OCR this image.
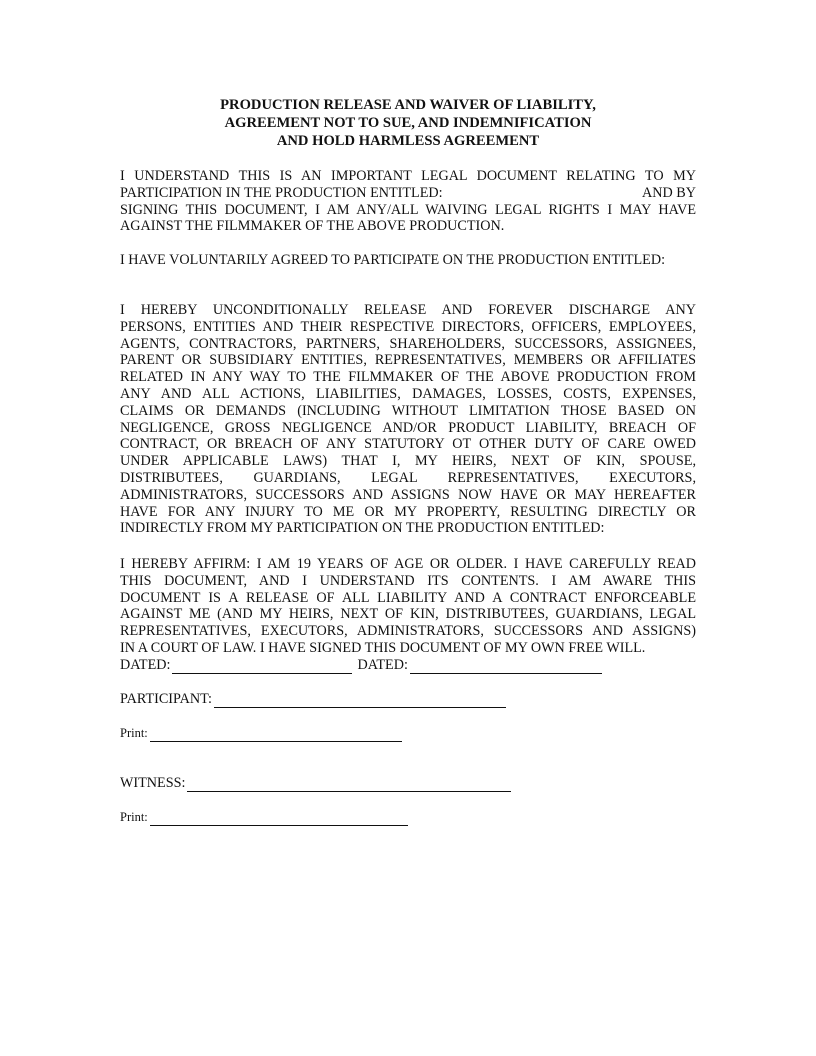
PRODUCTION RELEASE AND WAIVER OF LIABILITY,
AGREEMENT NOT TO SUE, AND INDEMNIFICATION
AND HOLD HARMLESS AGREEMENT
I UNDERSTAND THIS IS AN IMPORTANT LEGAL DOCUMENT RELATING TO MY
PARTICIPATION IN THE PRODUCTION ENTITLED:	AND BY
SIGNING THIS DOCUMENT, I AM ANY/ALL WAIVING LEGAL RIGHTS I MAY HAVE
AGAINST THE FILMMAKER OF THE ABOVE PRODUCTION.
I HAVE VOLUNTARILY AGREED TO PARTICIPATE ON THE PRODUCTION ENTITLED:
I HEREBY UNCONDITIONALLY RELEASE AND FOREVER DISCHARGE ANY
PERSONS, ENTITIES AND THEIR RESPECTIVE DIRECTORS, OFFICERS, EMPLOYEES,
AGENTS, CONTRACTORS, PARTNERS, SHAREHOLDERS, SUCCESSORS, ASSIGNEES,
PARENT OR SUBSIDIARY ENTITIES, REPRESENTATIVES, MEMBERS OR AFFILIATES
RELATED IN ANY WAY TO THE FILMMAKER OF THE ABOVE PRODUCTION FROM
ANY AND ALL ACTIONS, LIABILITIES, DAMAGES, LOSSES, COSTS, EXPENSES,
CLAIMS OR DEMANDS (INCLUDING WITHOUT LIMITATION THOSE BASED ON
NEGLIGENCE, GROSS NEGLIGENCE AND/OR PRODUCT LIABILITY, BREACH OF
CONTRACT, OR BREACH OF ANY STATUTORY OT OTHER DUTY OF CARE OWED
UNDER APPLICABLE LAWS) THAT I, MY HEIRS, NEXT OF KIN, SPOUSE,
DISTRIBUTEES, GUARDIANS, LEGAL REPRESENTATIVES, EXECUTORS,
ADMINISTRATORS, SUCCESSORS AND ASSIGNS NOW HAVE OR MAY HEREAFTER
HAVE FOR ANY INJURY TO ME OR MY PROPERTY, RESULTING DIRECTLY OR
INDIRECTLY FROM MY PARTICIPATION ON THE PRODUCTION ENTITLED:
I HEREBY AFFIRM: I AM 19 YEARS OF AGE OR OLDER. I HAVE CAREFULLY READ
THIS DOCUMENT, AND I UNDERSTAND ITS CONTENTS. I AM AWARE THIS
DOCUMENT IS A RELEASE OF ALL LIABILITY AND A CONTRACT ENFORCEABLE
AGAINST ME (AND MY HEIRS, NEXT OF KIN, DISTRIBUTEES, GUARDIANS, LEGAL
REPRESENTATIVES, EXECUTORS, ADMINISTRATORS, SUCCESSORS AND ASSIGNS)
IN A COURT OF LAW. I HAVE SIGNED THIS DOCUMENT OF MY OWN FREE WILL.
DATED:	DATED:
PARTICIPANT:
Print:
WITNESS:
Print:
